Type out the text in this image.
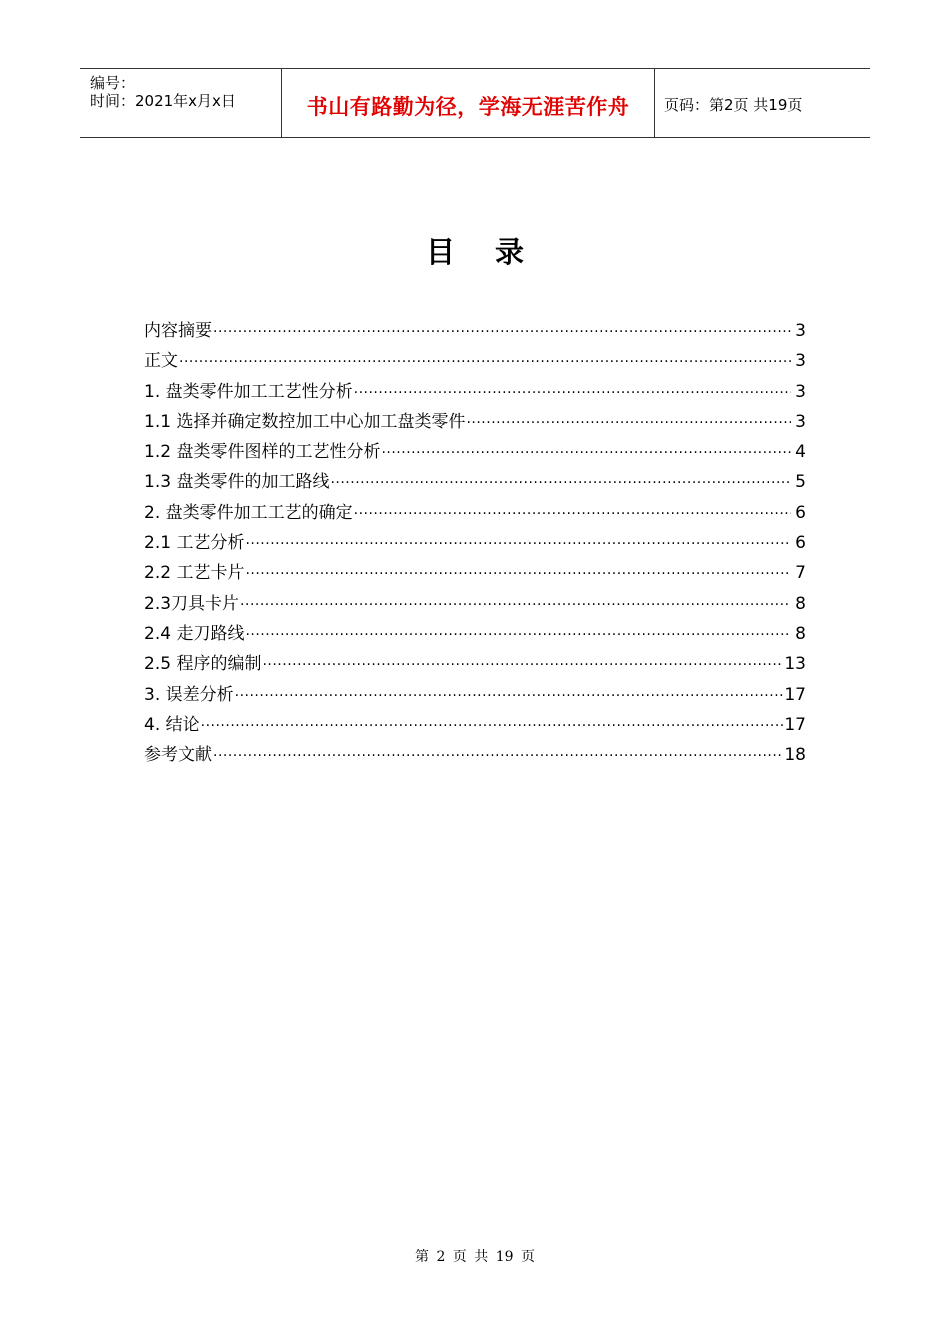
编号：
时间：2021年x月x日	书山有路勤为径，学海无涯苦作舟	页码：第2页 共19页
目录
内容摘要 ·····	3
正文 ·····	3
1. 盘类零件加工工艺性分析 ·····	3
1.1 选择并确定数控加工中心加工盘类零件 ·····	3
1.2 盘类零件图样的工艺性分析 ·····	4
1.3 盘类零件的加工路线 ·····	5
2. 盘类零件加工工艺的确定 ·····	6
2.1 工艺分析 ·····	6
2.2 工艺卡片 ·····	7
2.3刀具卡片 ·····	8
2.4 走刀路线 ·····	8
2.5 程序的编制 ·····	13
3. 误差分析 ·····	17
4. 结论 ·····	17
参考文献 ·····	18
第 2 页 共 19 页
